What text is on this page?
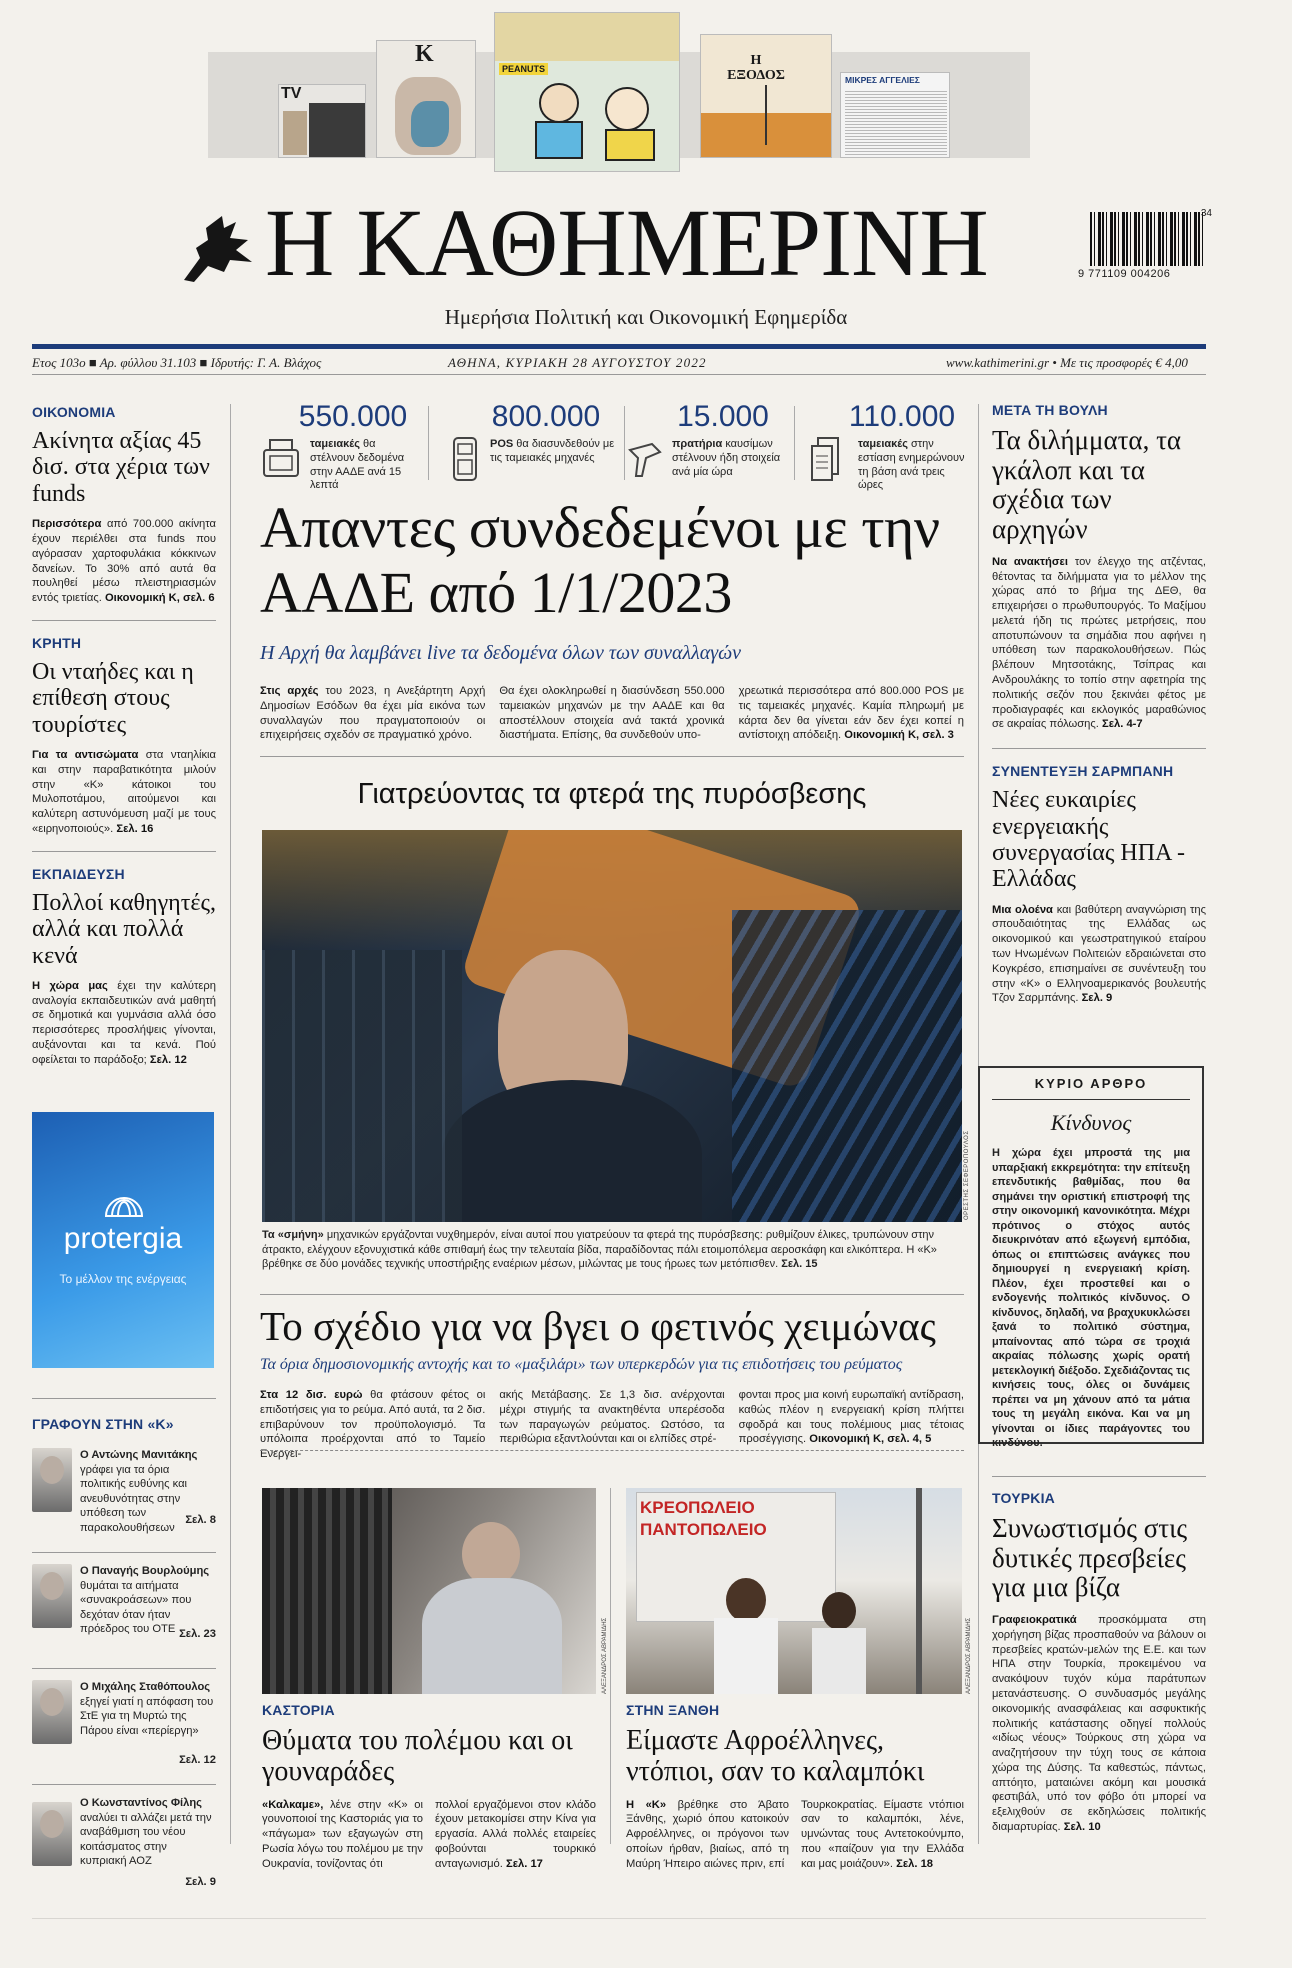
TV
K
PEANUTS
Η ΕΞΟΔΟΣ	ΜΙΚΡΕΣ ΑΓΓΕΛΙΕΣ
Η ΚΑΘΗΜΕΡΙΝΗ	9 771109 004206
34
Ημερήσια Πολιτική και Οικονομική Εφημερίδα
Ετος 103ο ■ Αρ. φύλλου 31.103 ■ Ιδρυτής: Γ. Α. Βλάχος	ΑΘΗΝΑ, ΚΥΡΙΑΚΗ 28 ΑΥΓΟΥΣΤΟΥ 2022	www.kathimerini.gr • Με τις προσφορές € 4,00
ΟΙΚΟΝΟΜΙΑ
Ακίνητα αξίας 45 δισ. στα χέρια των funds

Περισσότερα από 700.000 ακίνητα έχουν περιέλθει στα funds που αγόρασαν χαρτοφυλάκια κόκκινων δανείων. Το 30% από αυτά θα πουληθεί μέσω πλειστηριασμών εντός τριετίας. Οικονομική Κ, σελ. 6

ΚΡΗΤΗ
Οι νταήδες και η επίθεση στους τουρίστες

Για τα αντισώματα στα νταηλίκια και στην παραβατικότητα μιλούν στην «Κ» κάτοικοι του Μυλοποτάμου, αιτούμενοι και καλύτερη αστυνόμευση μαζί με τους «ειρηνοποιούς». Σελ. 16

ΕΚΠΑΙΔΕΥΣΗ
Πολλοί καθηγητές, αλλά και πολλά κενά

Η χώρα μας έχει την καλύτερη αναλογία εκπαιδευτικών ανά μαθητή σε δημοτικά και γυμνάσια αλλά όσο περισσότερες προσλήψεις γίνονται, αυξάνονται και τα κενά. Πού οφείλεται το παράδοξο; Σελ. 12

protergia
Το μέλλον της ενέργειας
ΓΡΑΦΟΥΝ ΣΤΗΝ «Κ»

Ο Αντώνης Μανιτάκης γράφει για τα όρια πολιτικής ευθύνης και ανευθυνότητας στην υπόθεση των παρακολουθήσεων

Σελ. 8

Ο Παναγής Βουρλούμης θυμάται τα αιτήματα «συνακροάσεων» που δεχόταν όταν ήταν πρόεδρος του ΟΤΕ Σελ. 23

Ο Μιχάλης Σταθόπουλος εξηγεί γιατί η απόφαση του ΣτΕ για τη Μυρτώ της Πάρου είναι «περίεργη»

Σελ. 12

Ο Κωνσταντίνος Φίλης αναλύει τι αλλάζει μετά την αναβάθμιση του νέου κοιτάσματος στην κυπριακή ΑΟΖ

Σελ. 9
550.000

ταμειακές θα στέλνουν δεδομένα στην ΑΑΔΕ ανά 15 λεπτά

800.000

POS θα διασυνδεθούν με τις ταμειακές μηχανές

15.000

πρατήρια καυσίμων στέλνουν ήδη στοιχεία ανά μία ώρα

110.000

ταμειακές στην εστίαση ενημερώνουν τη βάση ανά τρεις ώρες

Απαντες συνδεδεμένοι με την ΑΑΔΕ από 1/1/2023
Η Αρχή θα λαμβάνει live τα δεδομένα όλων των συναλλαγών

Στις αρχές του 2023, η Ανεξάρτητη Αρχή Δημοσίων Εσόδων θα έχει μία εικόνα των συναλλαγών που πραγματοποιούν οι επιχειρήσεις σχεδόν σε πραγματικό χρόνο.

Θα έχει ολοκληρωθεί η διασύνδεση 550.000 ταμειακών μηχανών με την ΑΑΔΕ και θα αποστέλλουν στοιχεία ανά τακτά χρονικά διαστήματα. Επίσης, θα συνδεθούν υπο-

χρεωτικά περισσότερα από 800.000 POS με τις ταμειακές μηχανές. Καμία πληρωμή με κάρτα δεν θα γίνεται εάν δεν έχει κοπεί η αντίστοιχη απόδειξη. Οικονομική Κ, σελ. 3

Γιατρεύοντας τα φτερά της πυρόσβεσης
ΟΡΕΣΤΗΣ ΣΕΦΕΡΟΠΟΥΛΟΣ

Τα «σμήνη» μηχανικών εργάζονται νυχθημερόν, είναι αυτοί που γιατρεύουν τα φτερά της πυρόσβεσης: ρυθμίζουν έλικες, τρυπώνουν στην άτρακτο, ελέγχουν εξονυχιστικά κάθε σπιθαμή έως την τελευταία βίδα, παραδίδοντας πάλι ετοιμοπόλεμα αεροσκάφη και ελικόπτερα. Η «Κ» βρέθηκε σε δύο μονάδες τεχνικής υποστήριξης εναέριων μέσων, μιλώντας με τους ήρωες των μετόπισθεν. Σελ. 15

Το σχέδιο για να βγει ο φετινός χειμώνας
Τα όρια δημοσιονομικής αντοχής και το «μαξιλάρι» των υπερκερδών για τις επιδοτήσεις του ρεύματος

Στα 12 δισ. ευρώ θα φτάσουν φέτος οι επιδοτήσεις για το ρεύμα. Από αυτά, τα 2 δισ. επιβαρύνουν τον προϋπολογισμό. Τα υπόλοιπα προέρχονται από το Ταμείο Ενεργει-

ακής Μετάβασης. Σε 1,3 δισ. ανέρχονται μέχρι στιγμής τα ανακτηθέντα υπερέσοδα των παραγωγών ρεύματος. Ωστόσο, τα περιθώρια εξαντλούνται και οι ελπίδες στρέ-

φονται προς μια κοινή ευρωπαϊκή αντίδραση, καθώς πλέον η ενεργειακή κρίση πλήττει σφοδρά και τους πολέμιους μιας τέτοιας προσέγγισης. Οικονομική Κ, σελ. 4, 5

ΑΛΕΞΑΝΔΡΟΣ ΑΒΡΑΜΙΔΗΣ
ΚΡΕΟΠΩΛΕΙΟ
ΠΑΝΤΟΠΩΛΕΙΟ
ΑΛΕΞΑΝΔΡΟΣ ΑΒΡΑΜΙΔΗΣ
ΚΑΣΤΟΡΙΑ
Θύματα του πολέμου και οι γουναράδες

«Καλκαμε», λένε στην «Κ» οι γουνοποιοί της Καστοριάς για το «πάγωμα» των εξαγωγών στη Ρωσία λόγω του πολέμου με την Ουκρανία, τονίζοντας ότι

πολλοί εργαζόμενοι στον κλάδο έχουν μετακομίσει στην Κίνα για εργασία. Αλλά πολλές εταιρείες φοβούνται τουρκικό ανταγωνισμό. Σελ. 17

ΣΤΗΝ ΞΑΝΘΗ
Είμαστε Αφροέλληνες, ντόπιοι, σαν το καλαμπόκι

Η «Κ» βρέθηκε στο Άβατο Ξάνθης, χωριό όπου κατοικούν Αφροέλληνες, οι πρόγονοι των οποίων ήρθαν, βιαίως, από τη Μαύρη Ήπειρο αιώνες πριν, επί

Τουρκοκρατίας. Είμαστε ντόπιοι σαν το καλαμπόκι, λένε, υμνώντας τους Αντετοκούνμπο, που «παίζουν για την Ελλάδα και μας μοιάζουν». Σελ. 18

ΜΕΤΑ ΤΗ ΒΟΥΛΗ
Τα διλήμματα, τα γκάλοπ και τα σχέδια των αρχηγών

Να ανακτήσει τον έλεγχο της ατζέντας, θέτοντας τα διλήμματα για το μέλλον της χώρας από το βήμα της ΔΕΘ, θα επιχειρήσει ο πρωθυπουργός. Το Μαξίμου μελετά ήδη τις πρώτες μετρήσεις, που αποτυπώνουν τα σημάδια που αφήνει η υπόθεση των παρακολουθήσεων. Πώς βλέπουν Μητσοτάκης, Τσίπρας και Ανδρουλάκης το τοπίο στην αφετηρία της πολιτικής σεζόν που ξεκινάει φέτος με προδιαγραφές και εκλογικός μαραθώνιος σε ακραίας πόλωσης. Σελ. 4-7

ΣΥΝΕΝΤΕΥΞΗ ΣΑΡΜΠΑΝΗ
Νέες ευκαιρίες ενεργειακής συνεργασίας ΗΠΑ - Ελλάδας

Μια ολοένα και βαθύτερη αναγνώριση της σπουδαιότητας της Ελλάδας ως οικονομικού και γεωστρατηγικού εταίρου των Ηνωμένων Πολιτειών εδραιώνεται στο Κογκρέσο, επισημαίνει σε συνέντευξη του στην «Κ» ο Ελληνοαμερικανός βουλευτής Τζον Σαρμπάνης. Σελ. 9

ΚΥΡΙΟ ΑΡΘΡΟ
Κίνδυνος

Η χώρα έχει μπροστά της μια υπαρξιακή εκκρεμότητα: την επίτευξη επενδυτικής βαθμίδας, που θα σημάνει την οριστική επιστροφή της στην οικονομική κανονικότητα. Μέχρι πρότινος ο στόχος αυτός διευκρινόταν από εξωγενή εμπόδια, όπως οι επιπτώσεις ανάγκες που δημιουργεί η ενεργειακή κρίση. Πλέον, έχει προστεθεί και ο ενδογενής πολιτικός κίνδυνος. Ο κίνδυνος, δηλαδή, να βραχυκυκλώσει ξανά το πολιτικό σύστημα, μπαίνοντας από τώρα σε τροχιά ακραίας πόλωσης χωρίς ορατή μετεκλογική διέξοδο. Σχεδιάζοντας τις κινήσεις τους, όλες οι δυνάμεις πρέπει να μη χάνουν από τα μάτια τους τη μεγάλη εικόνα. Και να μη γίνονται οι ίδιες παράγοντες του κινδύνου.

ΤΟΥΡΚΙΑ
Συνωστισμός στις δυτικές πρεσβείες για μια βίζα

Γραφειοκρατικά προσκόμματα στη χορήγηση βίζας προσπαθούν να βάλουν οι πρεσβείες κρατών-μελών της Ε.Ε. και των ΗΠΑ στην Τουρκία, προκειμένου να ανακόψουν τυχόν κύμα παράτυπων μετανάστευσης. Ο συνδυασμός μεγάλης οικονομικής ανασφάλειας και ασφυκτικής πολιτικής κατάστασης οδηγεί πολλούς «ιδίως νέους» Τούρκους στη χώρα να αναζητήσουν την τύχη τους σε κάποια χώρα της Δύσης. Τα καθεστώς, πάντως, απτόητο, ματαιώνει ακόμη και μουσικά φεστιβάλ, υπό τον φόβο ότι μπορεί να εξελιχθούν σε εκδηλώσεις πολιτικής διαμαρτυρίας. Σελ. 10
